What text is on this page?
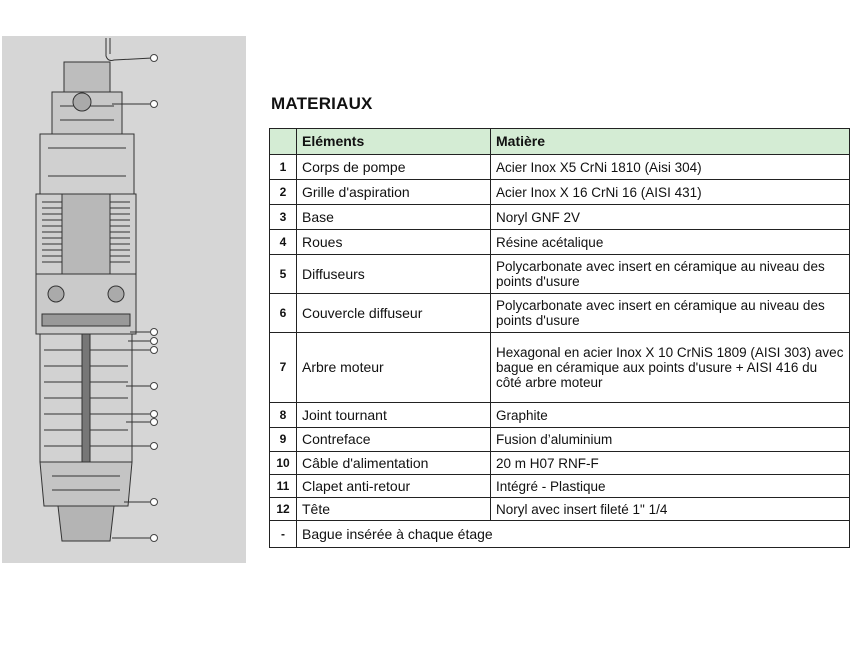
MATERIAUX
	Eléments	Matière
1	Corps de pompe	Acier Inox X5 CrNi 1810 (Aisi 304)
2	Grille d'aspiration	Acier Inox X 16 CrNi 16 (AISI 431)
3	Base	Noryl GNF 2V
4	Roues	Résine acétalique
5	Diffuseurs	Polycarbonate avec insert en céramique au niveau des points d'usure
6	Couvercle diffuseur	Polycarbonate avec insert en céramique au niveau des points d'usure
7	Arbre moteur	Hexagonal en acier Inox X 10 CrNiS 1809 (AISI 303) avec bague en céramique aux points d'usure + AISI 416 du côté arbre moteur
8	Joint tournant	Graphite
9	Contreface	Fusion d’aluminium
10	Câble d'alimentation	20 m H07 RNF-F
11	Clapet anti-retour	Intégré - Plastique
12	Tête	Noryl avec insert fileté 1" 1/4
-	Bague insérée à chaque étage	
